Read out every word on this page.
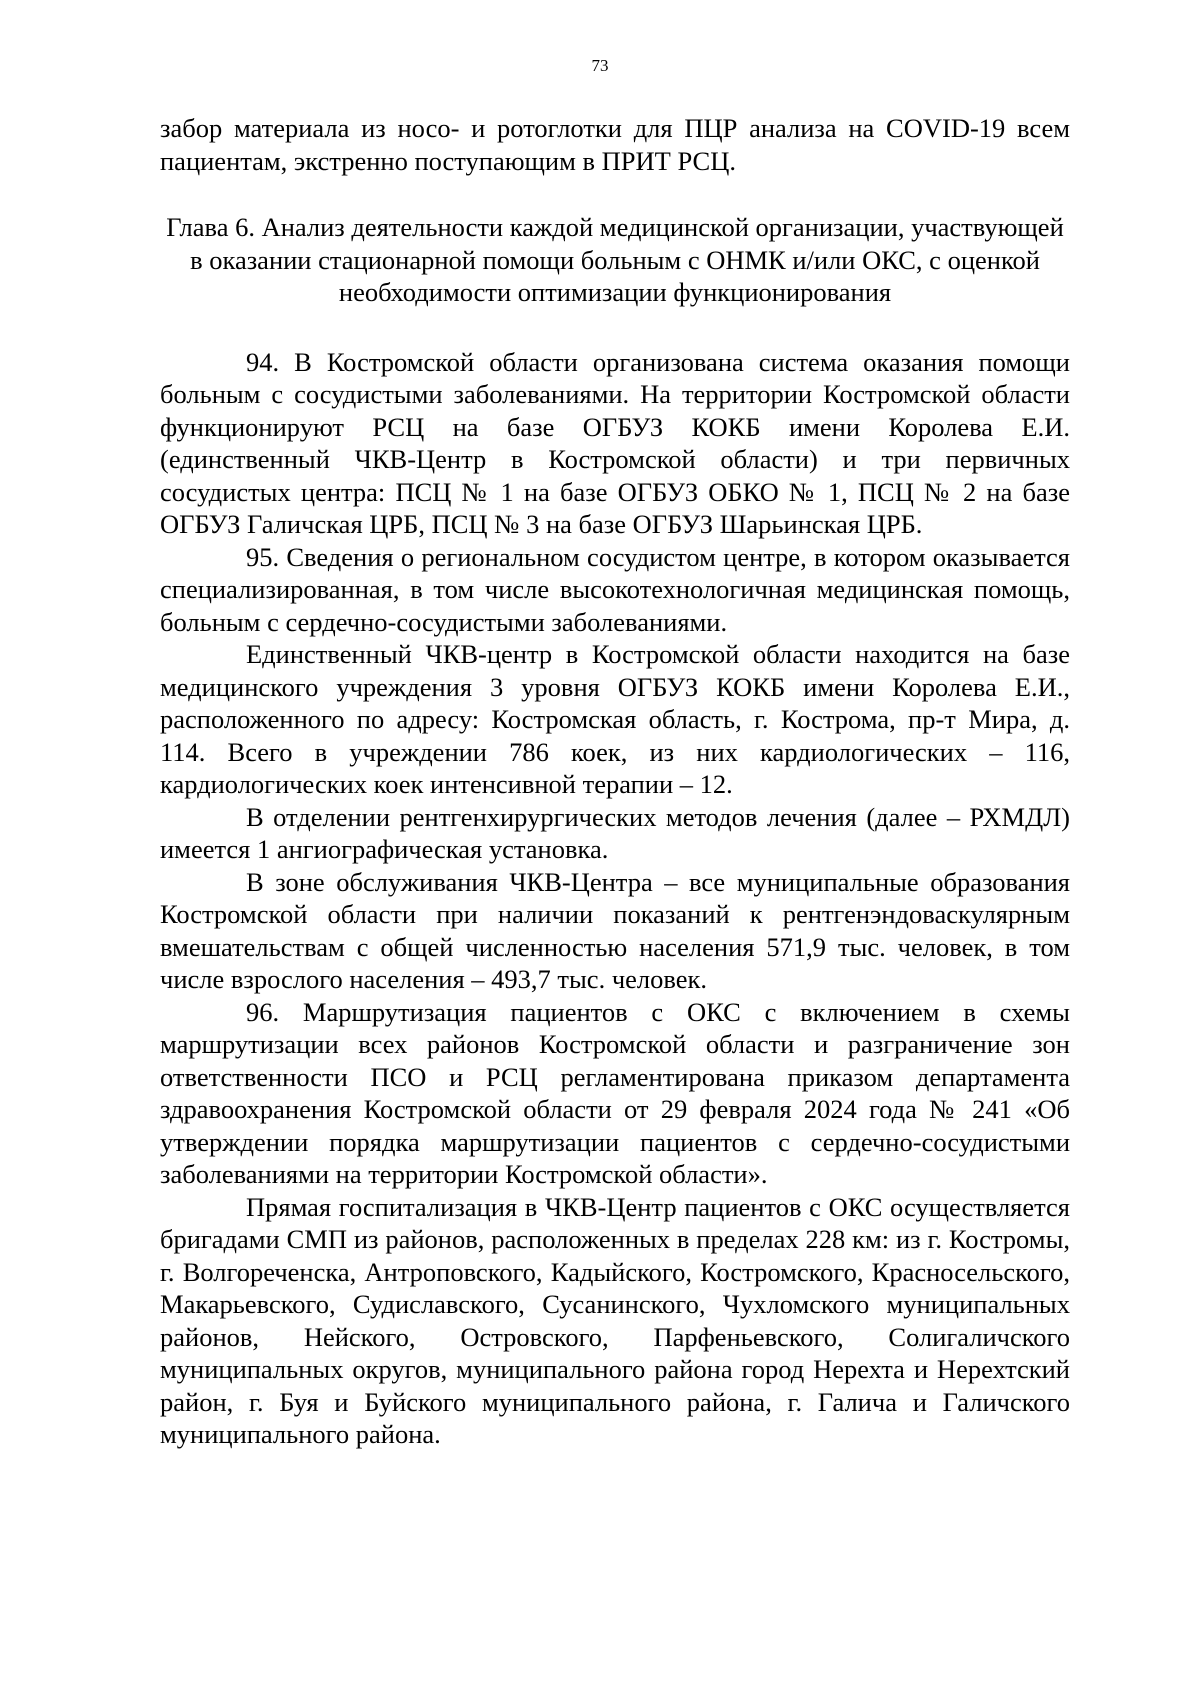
73

забор материала из носо- и ротоглотки для ПЦР анализа на COVID-19 всем пациентам, экстренно поступающим в ПРИТ РСЦ.

Глава 6. Анализ деятельности каждой медицинской организации, участвующей в оказании стационарной помощи больным с ОНМК и/или ОКС, с оценкой необходимости оптимизации функционирования

94. В Костромской области организована система оказания помощи больным с сосудистыми заболеваниями. На территории Костромской области функционируют РСЦ на базе ОГБУЗ КОКБ имени Королева Е.И. (единственный ЧКВ-Центр в Костромской области) и три первичных сосудистых центра: ПСЦ № 1 на базе ОГБУЗ ОБКО № 1, ПСЦ № 2 на базе ОГБУЗ Галичская ЦРБ, ПСЦ № 3 на базе ОГБУЗ Шарьинская ЦРБ.

95. Сведения о региональном сосудистом центре, в котором оказывается специализированная, в том числе высокотехнологичная медицинская помощь, больным с сердечно-сосудистыми заболеваниями.

Единственный ЧКВ-центр в Костромской области находится на базе медицинского учреждения 3 уровня ОГБУЗ КОКБ имени Королева Е.И., расположенного по адресу: Костромская область, г. Кострома, пр-т Мира, д. 114. Всего в учреждении 786 коек, из них кардиологических – 116, кардиологических коек интенсивной терапии – 12.

В отделении рентгенхирургических методов лечения (далее – РХМДЛ) имеется 1 ангиографическая установка.

В зоне обслуживания ЧКВ-Центра – все муниципальные образования Костромской области при наличии показаний к рентгенэндоваскулярным вмешательствам с общей численностью населения 571,9 тыс. человек, в том числе взрослого населения – 493,7 тыс. человек.

96. Маршрутизация пациентов с ОКС с включением в схемы маршрутизации всех районов Костромской области и разграничение зон ответственности ПСО и РСЦ регламентирована приказом департамента здравоохранения Костромской области от 29 февраля 2024 года № 241 «Об утверждении порядка маршрутизации пациентов с сердечно-сосудистыми заболеваниями на территории Костромской области».

Прямая госпитализация в ЧКВ-Центр пациентов с ОКС осуществляется бригадами СМП из районов, расположенных в пределах 228 км: из г. Костромы, г. Волгореченска, Антроповского, Кадыйского, Костромского, Красносельского, Макарьевского, Судиславского, Сусанинского, Чухломского муниципальных районов, Нейского, Островского, Парфеньевского, Солигаличского муниципальных округов, муниципального района город Нерехта и Нерехтский район, г. Буя и Буйского муниципального района, г. Галича и Галичского муниципального района.
